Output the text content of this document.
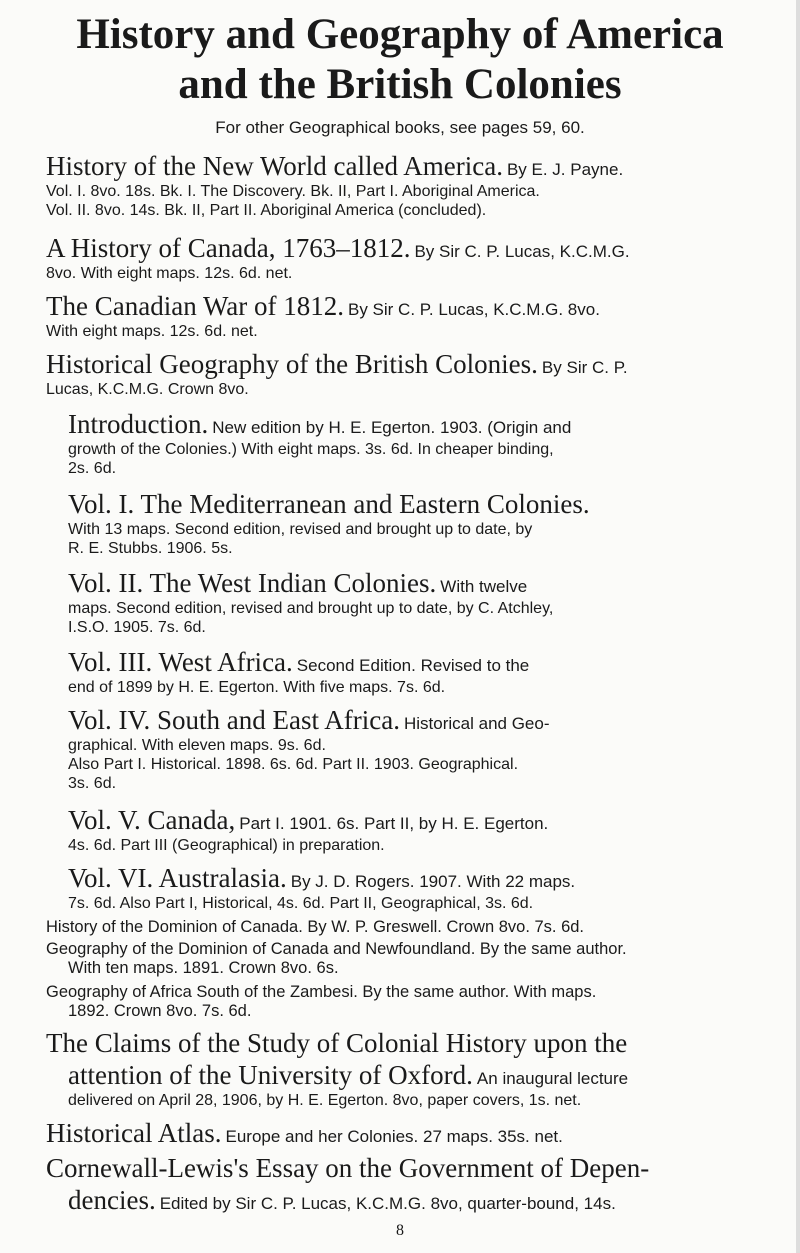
History and Geography of America
and the British Colonies
For other Geographical books, see pages 59, 60.
History of the New World called America. By E. J. Payne.
Vol. I. 8vo. 18s. Bk. I. The Discovery. Bk. II, Part I. Aboriginal America.
Vol. II. 8vo. 14s. Bk. II, Part II. Aboriginal America (concluded).
A History of Canada, 1763–1812. By Sir C. P. Lucas, K.C.M.G.
8vo. With eight maps. 12s. 6d. net.
The Canadian War of 1812. By Sir C. P. Lucas, K.C.M.G. 8vo.
With eight maps. 12s. 6d. net.
Historical Geography of the British Colonies. By Sir C. P.
Lucas, K.C.M.G. Crown 8vo.
Introduction. New edition by H. E. Egerton. 1903. (Origin and
growth of the Colonies.) With eight maps. 3s. 6d. In cheaper binding,
2s. 6d.
Vol. I. The Mediterranean and Eastern Colonies.
With 13 maps. Second edition, revised and brought up to date, by
R. E. Stubbs. 1906. 5s.
Vol. II. The West Indian Colonies. With twelve
maps. Second edition, revised and brought up to date, by C. Atchley,
I.S.O. 1905. 7s. 6d.
Vol. III. West Africa. Second Edition. Revised to the
end of 1899 by H. E. Egerton. With five maps. 7s. 6d.
Vol. IV. South and East Africa. Historical and Geo-
graphical. With eleven maps. 9s. 6d.
Also Part I. Historical. 1898. 6s. 6d. Part II. 1903. Geographical.
3s. 6d.
Vol. V. Canada, Part I. 1901. 6s. Part II, by H. E. Egerton.
4s. 6d. Part III (Geographical) in preparation.
Vol. VI. Australasia. By J. D. Rogers. 1907. With 22 maps.
7s. 6d. Also Part I, Historical, 4s. 6d. Part II, Geographical, 3s. 6d.
History of the Dominion of Canada. By W. P. Greswell. Crown 8vo. 7s. 6d.
Geography of the Dominion of Canada and Newfoundland. By the same author.
With ten maps. 1891. Crown 8vo. 6s.
Geography of Africa South of the Zambesi. By the same author. With maps.
1892. Crown 8vo. 7s. 6d.
The Claims of the Study of Colonial History upon the
attention of the University of Oxford. An inaugural lecture
delivered on April 28, 1906, by H. E. Egerton. 8vo, paper covers, 1s. net.
Historical Atlas. Europe and her Colonies. 27 maps. 35s. net.
Cornewall-Lewis's Essay on the Government of Depen-
dencies. Edited by Sir C. P. Lucas, K.C.M.G. 8vo, quarter-bound, 14s.
8
